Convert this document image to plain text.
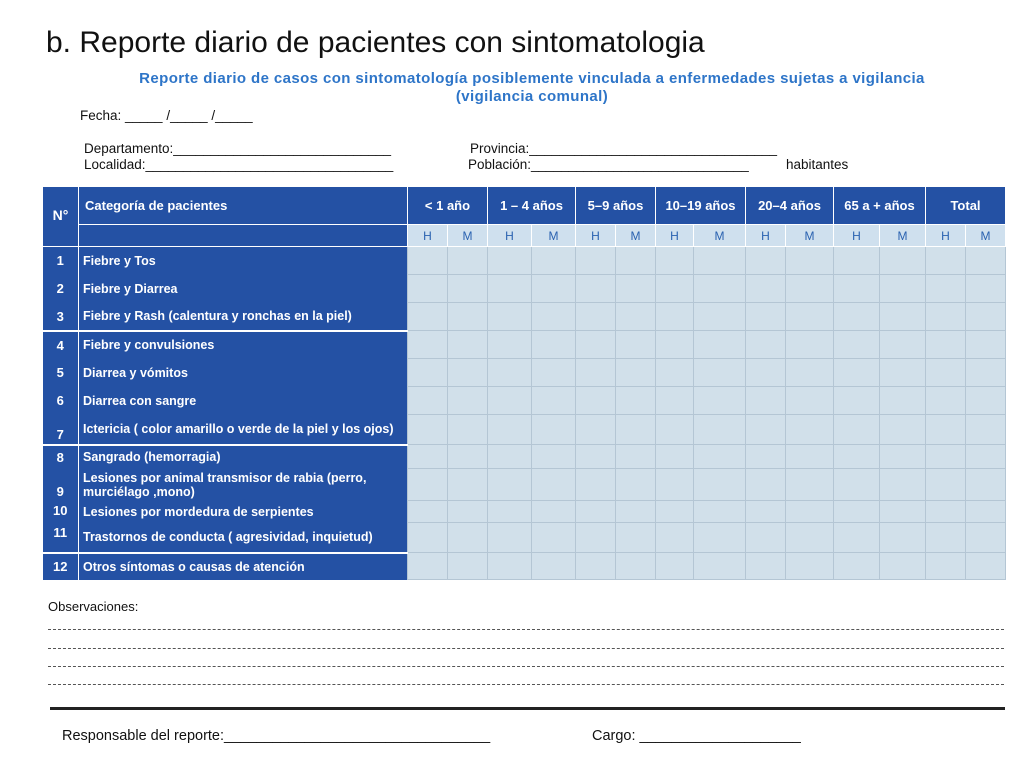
b. Reporte diario de pacientes con sintomatologia
Reporte diario de casos con sintomatología posiblemente vinculada a enfermedades sujetas a vigilancia
(vigilancia comunal)
Fecha: _____ /_____ /_____
Departamento:_____________________________	Provincia:_________________________________
Localidad:_________________________________	Población:_____________________________	habitantes
N°	Categoría de pacientes	< 1 año		1 – 4 años		5–9 años		10–19 años		20–4 años		65 a + años		Total	
		H	M	H	M	H	M	H	M	H	M	H	M	H	M
1	Fiebre y Tos														
2	Fiebre y Diarrea														
3	Fiebre y Rash (calentura y ronchas en la piel)														
4	Fiebre y convulsiones														
5	Diarrea y vómitos														
6	Diarrea con sangre														
7	Ictericia ( color amarillo o verde de la piel y los ojos)														
8	Sangrado (hemorragia)														
9	Lesiones por animal transmisor de rabia (perro, murciélago ,mono)														
10	Lesiones por mordedura de serpientes														
11	Trastornos de conducta ( agresividad, inquietud)														
12	Otros síntomas o causas de atención														
Observaciones:
Responsable del reporte:_________________________________	Cargo: ____________________
